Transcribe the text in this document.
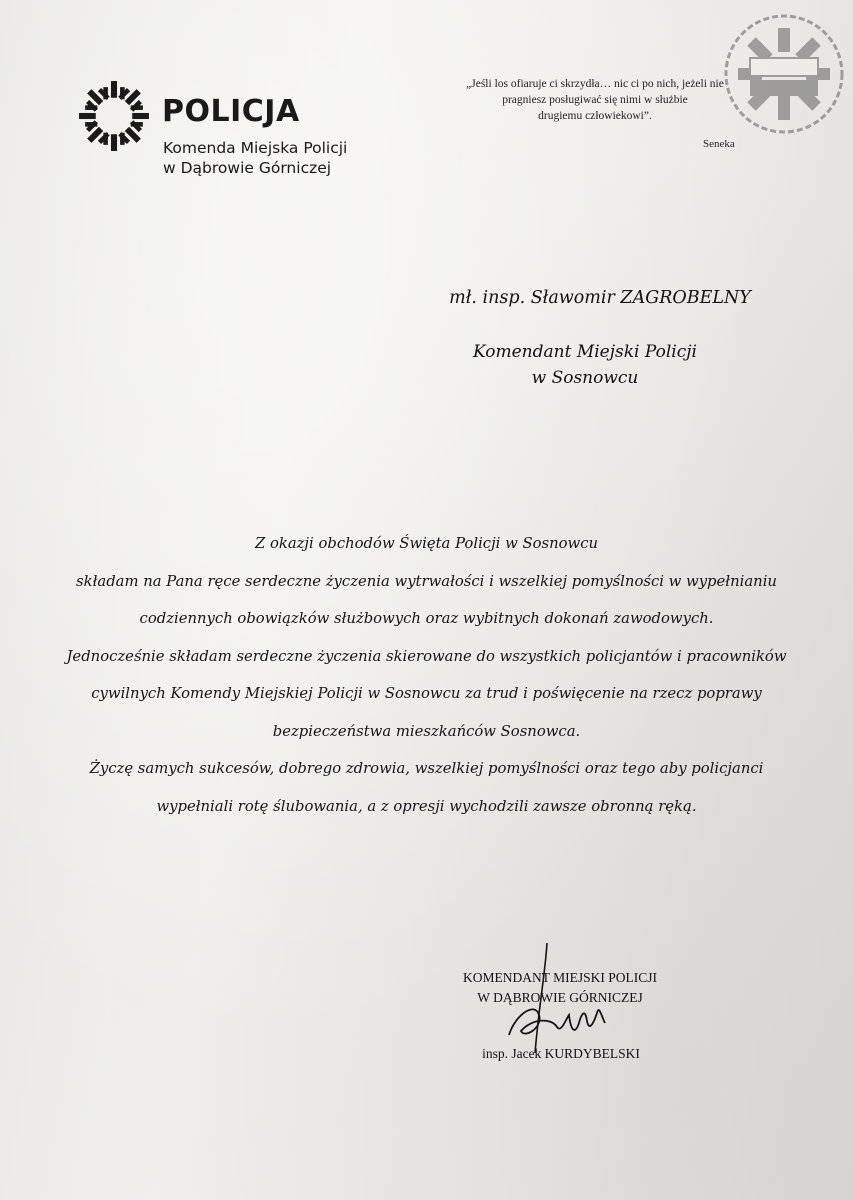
POLICJA
Komenda Miejska Policji
w Dąbrowie Górniczej
„Jeśli los ofiaruje ci skrzydła… nic ci po nich, jeżeli nie
pragniesz posługiwać się nimi w służbie
drugiemu człowiekowi”.
Seneka
mł. insp. Sławomir ZAGROBELNY
Komendant Miejski Policji
w Sosnowcu

Z okazji obchodów Święta Policji w Sosnowcu

składam na Pana ręce serdeczne życzenia wytrwałości i wszelkiej pomyślności w wypełnianiu

codziennych obowiązków służbowych oraz wybitnych dokonań zawodowych.

Jednocześnie składam serdeczne życzenia skierowane do wszystkich policjantów i pracowników

cywilnych Komendy Miejskiej Policji w Sosnowcu za trud i poświęcenie na rzecz poprawy

bezpieczeństwa mieszkańców Sosnowca.

Życzę samych sukcesów, dobrego zdrowia, wszelkiej pomyślności oraz tego aby policjanci

wypełniali rotę ślubowania, a z opresji wychodzili zawsze obronną ręką.

KOMENDANT MIEJSKI POLICJI
W DĄBROWIE GÓRNICZEJ
insp. Jacek KURDYBELSKI
